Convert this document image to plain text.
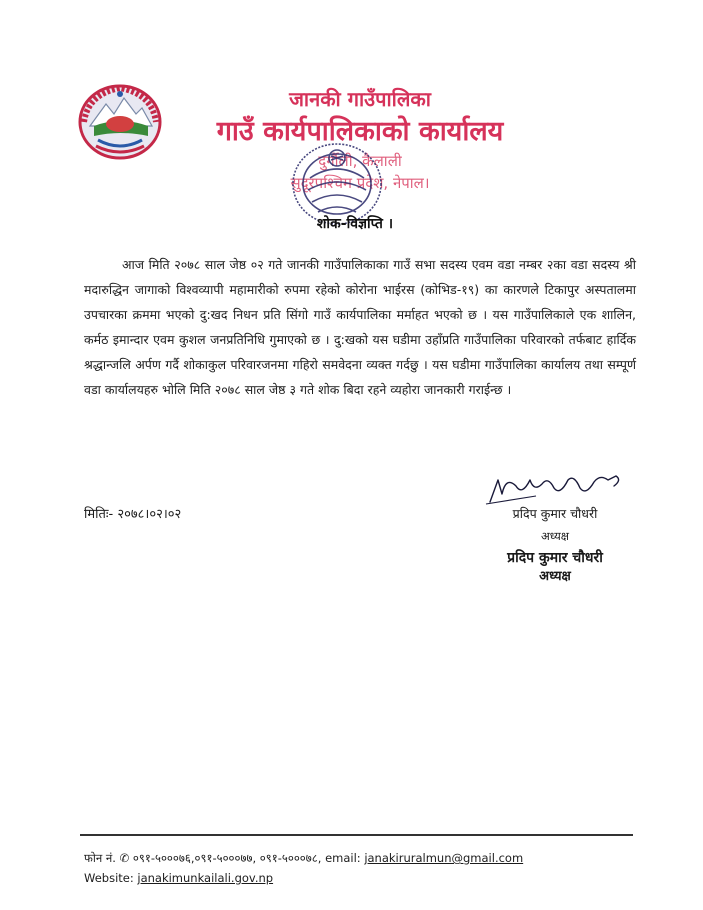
जानकी गाउँपालिका
गाउँ कार्यपालिकाको कार्यालय
दुर्गौली, कैलाली
सुदूरपश्चिम प्रदेश, नेपाल।
शोक-विज्ञप्ति ।
आज मिति २०७८ साल जेष्ठ ०२ गते जानकी गाउँपालिकाका गाउँ सभा सदस्य एवम वडा नम्बर २का वडा सदस्य श्री मदारुद्धिन जागाको विश्वव्यापी महामारीको रुपमा रहेको कोरोना भाईरस (कोभिड-१९) का कारणले टिकापुर अस्पतालमा उपचारका क्रममा भएको दु:खद निधन प्रति सिंगो गाउँ कार्यपालिका मर्माहत भएको छ । यस गाउँपालिकाले एक शालिन, कर्मठ इमान्दार एवम कुशल जनप्रतिनिधि गुमाएको छ । दु:खको यस घडीमा उहाँप्रति गाउँपालिका परिवारको तर्फबाट हार्दिक श्रद्धान्जलि अर्पण गर्दै शोकाकुल परिवारजनमा गहिरो समवेदना व्यक्त गर्दछु । यस घडीमा गाउँपालिका कार्यालय तथा सम्पूर्ण वडा कार्यालयहरु भोलि मिति २०७८ साल जेष्ठ ३ गते शोक बिदा रहने व्यहोरा जानकारी गराईन्छ ।
मितिः- २०७८।०२।०२	प्रदिप कुमार चौधरी
अध्यक्ष
प्रदिप कुमार चौधरी
अध्यक्ष
फोन नं. ✆ ०९१-५०००७६,०९१-५०००७७, ०९१-५०००७८, email: janakiruralmun@gmail.com
Website: janakimunkailali.gov.np
